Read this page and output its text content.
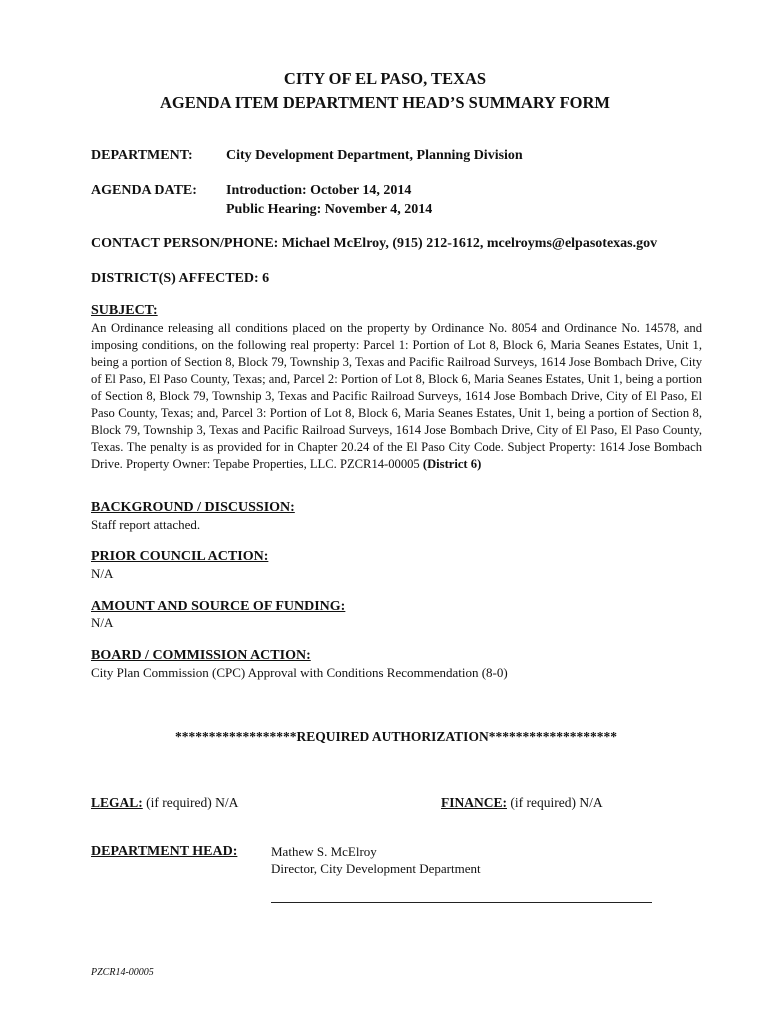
CITY OF EL PASO, TEXAS
AGENDA ITEM DEPARTMENT HEAD’S SUMMARY FORM
DEPARTMENT: City Development Department, Planning Division
AGENDA DATE: Introduction: October 14, 2014
Public Hearing: November 4, 2014
CONTACT PERSON/PHONE: Michael McElroy, (915) 212-1612, mcelroyms@elpasotexas.gov
DISTRICT(S) AFFECTED: 6
SUBJECT:
An Ordinance releasing all conditions placed on the property by Ordinance No. 8054 and Ordinance No. 14578, and imposing conditions, on the following real property: Parcel 1: Portion of Lot 8, Block 6, Maria Seanes Estates, Unit 1, being a portion of Section 8, Block 79, Township 3, Texas and Pacific Railroad Surveys, 1614 Jose Bombach Drive, City of El Paso, El Paso County, Texas; and, Parcel 2: Portion of Lot 8, Block 6, Maria Seanes Estates, Unit 1, being a portion of Section 8, Block 79, Township 3, Texas and Pacific Railroad Surveys, 1614 Jose Bombach Drive, City of El Paso, El Paso County, Texas; and, Parcel 3: Portion of Lot 8, Block 6, Maria Seanes Estates, Unit 1, being a portion of Section 8, Block 79, Township 3, Texas and Pacific Railroad Surveys, 1614 Jose Bombach Drive, City of El Paso, El Paso County, Texas. The penalty is as provided for in Chapter 20.24 of the El Paso City Code. Subject Property: 1614 Jose Bombach Drive. Property Owner: Tepabe Properties, LLC. PZCR14-00005 (District 6)
BACKGROUND / DISCUSSION:
Staff report attached.
PRIOR COUNCIL ACTION:
N/A
AMOUNT AND SOURCE OF FUNDING:
N/A
BOARD / COMMISSION ACTION:
City Plan Commission (CPC) Approval with Conditions Recommendation (8-0)
******************REQUIRED AUTHORIZATION*******************
LEGAL: (if required) N/A	FINANCE: (if required) N/A
DEPARTMENT HEAD:	Mathew S. McElroy
Director, City Development Department
PZCR14-00005
